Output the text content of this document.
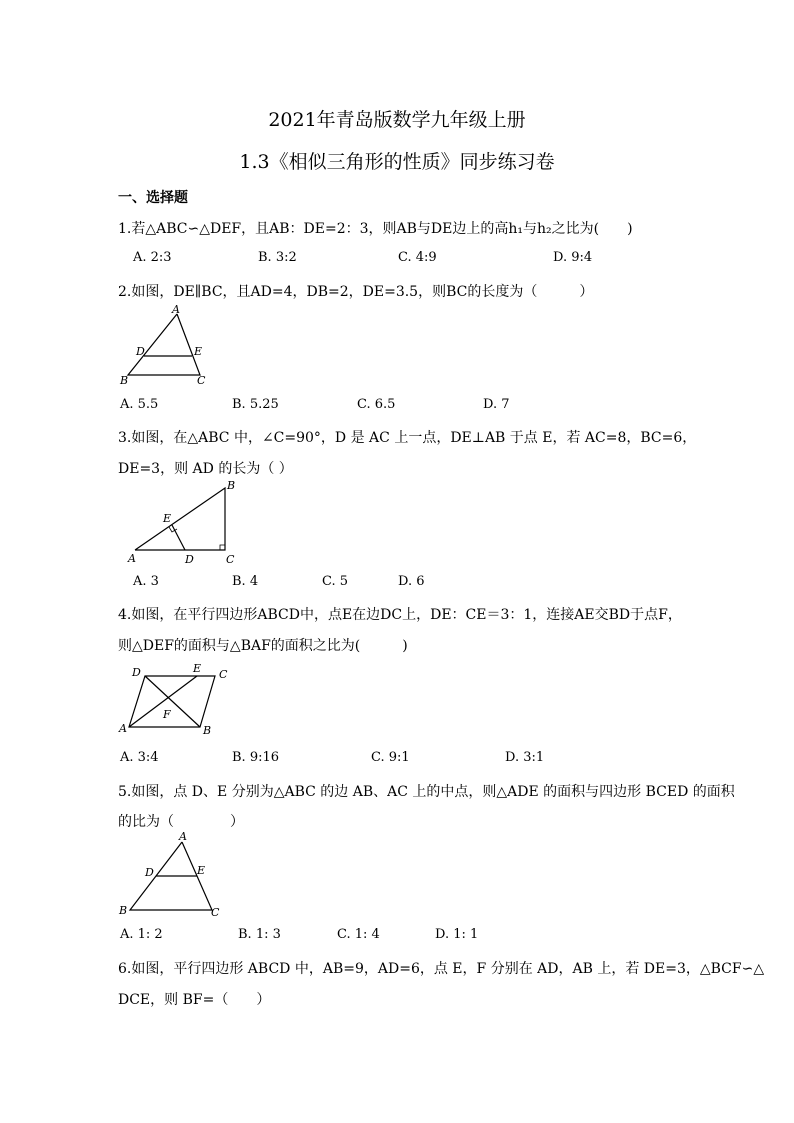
2021年青岛版数学九年级上册
1.3《相似三角形的性质》同步练习卷
一、选择题
1.若△ABC∽△DEF，且AB：DE=2：3，则AB与DE边上的高h₁与h₂之比为(　　)
A. 2:3	B. 3:2	C. 4:9	D. 9:4
2.如图，DE∥BC，且AD=4，DB=2，DE=3.5，则BC的长度为（　　　）
A
D	E
B	C
A. 5.5	B. 5.25	C. 6.5	D. 7
3.如图，在△ABC 中，∠C=90°，D 是 AC 上一点，DE⊥AB 于点 E，若 AC=8，BC=6，
DE=3，则 AD 的长为（ ）
B
E
A	D	C
A. 3	B. 4	C. 5	D. 6
4.如图，在平行四边形ABCD中，点E在边DC上，DE：CE＝3：1，连接AE交BD于点F，
则△DEF的面积与△BAF的面积之比为(　　　)
D	E C
F
A	B
A. 3:4	B. 9:16	C. 9:1	D. 3:1
5.如图，点 D、E 分别为△ABC 的边 AB、AC 上的中点，则△ADE 的面积与四边形 BCED 的面积
的比为（　　　　）
A
D	E
B	C
A. 1: 2	B. 1: 3	C. 1: 4	D. 1: 1
6.如图，平行四边形 ABCD 中，AB=9，AD=6，点 E，F 分别在 AD，AB 上，若 DE=3，△BCF∽△
DCE，则 BF=（　　）
